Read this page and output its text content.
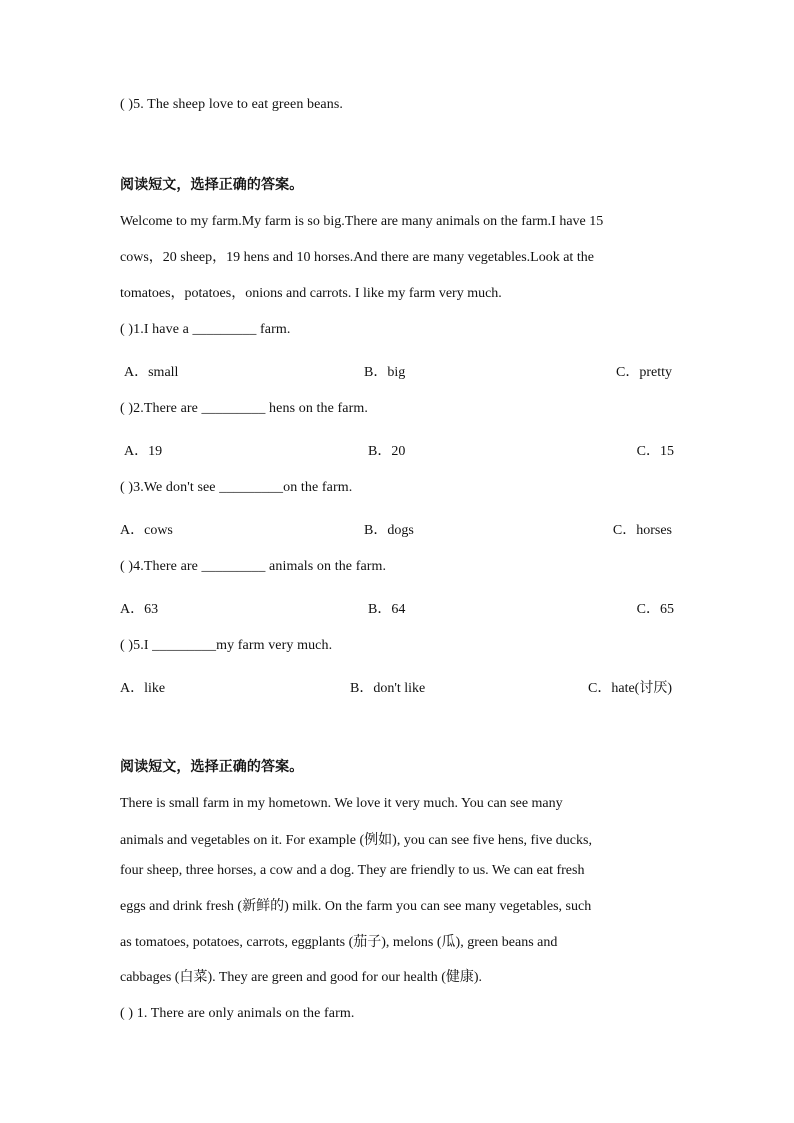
( )5. The sheep love to eat green beans.
阅读短文，选择正确的答案。
Welcome to my farm.My farm is so big.There are many animals on the farm.I have 15
cows，20 sheep，19 hens and 10 horses.And there are many vegetables.Look at the
tomatoes，potatoes，onions and carrots. I like my farm very much.
( )1.I have a _________ farm.
A．small	B．big	C．pretty
( )2.There are _________ hens on the farm.
A．19	B．20	C．15
( )3.We don't see _________on the farm.
A．cows	B．dogs	C．horses
( )4.There are _________ animals on the farm.
A．63	B．64	C．65
( )5.I _________my farm very much.
A．like	B．don't like	C．hate(讨厌)
阅读短文，选择正确的答案。
There is small farm in my hometown. We love it very much. You can see many
animals and vegetables on it. For example (例如), you can see five hens, five ducks,
four sheep, three horses, a cow and a dog. They are friendly to us. We can eat fresh
eggs and drink fresh (新鲜的) milk. On the farm you can see many vegetables, such
as tomatoes, potatoes, carrots, eggplants (茄子), melons (瓜), green beans and
cabbages (白菜). They are green and good for our health (健康).
( ) 1. There are only animals on the farm.
